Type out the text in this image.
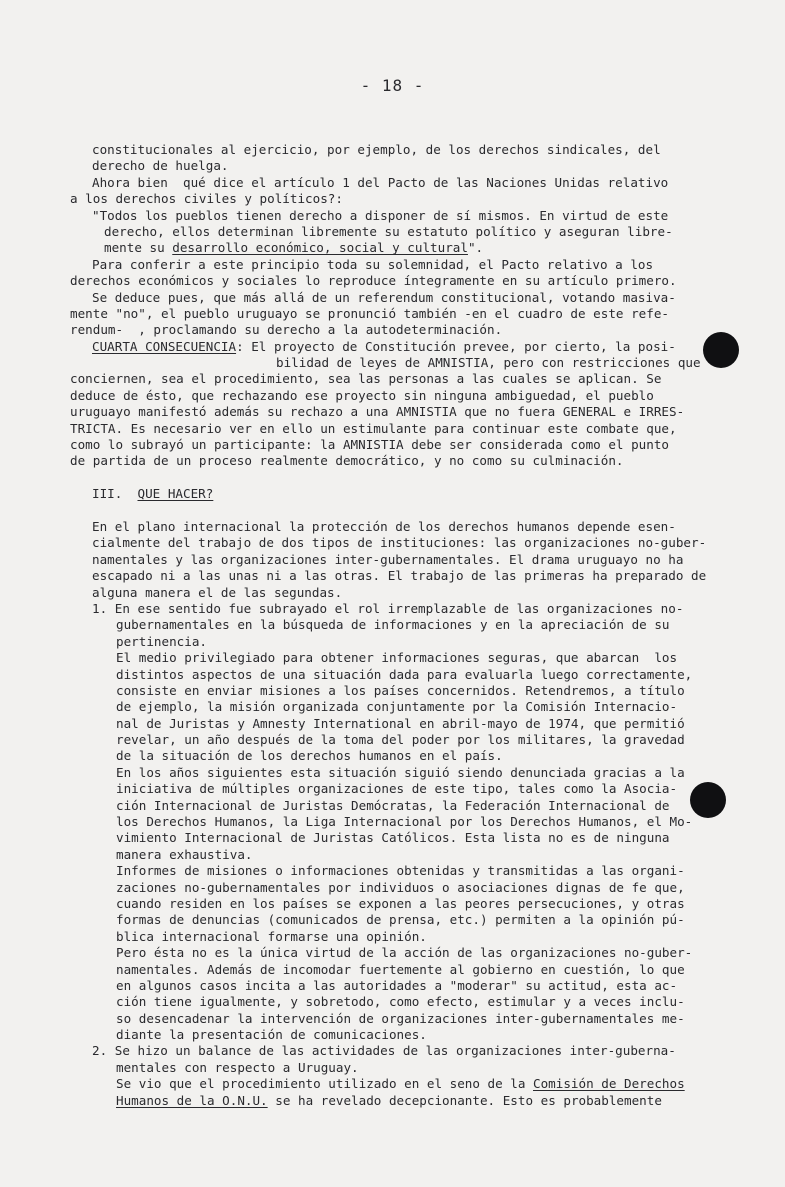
- 18 -
constitucionales al ejercicio, por ejemplo, de los derechos sindicales, del
derecho de huelga.
Ahora bien  qué dice el artículo 1 del Pacto de las Naciones Unidas relativo
a los derechos civiles y políticos?:
"Todos los pueblos tienen derecho a disponer de sí mismos. En virtud de este
derecho, ellos determinan libremente su estatuto político y aseguran libre-
mente su desarrollo económico, social y cultural".
Para conferir a este principio toda su solemnidad, el Pacto relativo a los
derechos económicos y sociales lo reproduce íntegramente en su artículo primero.
Se deduce pues, que más allá de un referendum constitucional, votando masiva-
mente "no", el pueblo uruguayo se pronunció también -en el cuadro de este refe-
rendum-  , proclamando su derecho a la autodeterminación.
CUARTA CONSECUENCIA: El proyecto de Constitución prevee, por cierto, la posi-
bilidad de leyes de AMNISTIA, pero con restricciones que
conciernen, sea el procedimiento, sea las personas a las cuales se aplican. Se
deduce de ésto, que rechazando ese proyecto sin ninguna ambiguedad, el pueblo
uruguayo manifestó además su rechazo a una AMNISTIA que no fuera GENERAL e IRRES-
TRICTA. Es necesario ver en ello un estimulante para continuar este combate que,
como lo subrayó un participante: la AMNISTIA debe ser considerada como el punto
de partida de un proceso realmente democrático, y no como su culminación.
III.  QUE HACER?
En el plano internacional la protección de los derechos humanos depende esen-
cialmente del trabajo de dos tipos de instituciones: las organizaciones no-guber-
namentales y las organizaciones inter-gubernamentales. El drama uruguayo no ha
escapado ni a las unas ni a las otras. El trabajo de las primeras ha preparado de
alguna manera el de las segundas.
1. En ese sentido fue subrayado el rol irremplazable de las organizaciones no-
gubernamentales en la búsqueda de informaciones y en la apreciación de su
pertinencia.
El medio privilegiado para obtener informaciones seguras, que abarcan  los
distintos aspectos de una situación dada para evaluarla luego correctamente,
consiste en enviar misiones a los países concernidos. Retendremos, a título
de ejemplo, la misión organizada conjuntamente por la Comisión Internacio-
nal de Juristas y Amnesty International en abril-mayo de 1974, que permitió
revelar, un año después de la toma del poder por los militares, la gravedad
de la situación de los derechos humanos en el país.
En los años siguientes esta situación siguió siendo denunciada gracias a la
iniciativa de múltiples organizaciones de este tipo, tales como la Asocia-
ción Internacional de Juristas Demócratas, la Federación Internacional de
los Derechos Humanos, la Liga Internacional por los Derechos Humanos, el Mo-
vimiento Internacional de Juristas Católicos. Esta lista no es de ninguna
manera exhaustiva.
Informes de misiones o informaciones obtenidas y transmitidas a las organi-
zaciones no-gubernamentales por individuos o asociaciones dignas de fe que,
cuando residen en los países se exponen a las peores persecuciones, y otras
formas de denuncias (comunicados de prensa, etc.) permiten a la opinión pú-
blica internacional formarse una opinión.
Pero ésta no es la única virtud de la acción de las organizaciones no-guber-
namentales. Además de incomodar fuertemente al gobierno en cuestión, lo que
en algunos casos incita a las autoridades a "moderar" su actitud, esta ac-
ción tiene igualmente, y sobretodo, como efecto, estimular y a veces inclu-
so desencadenar la intervención de organizaciones inter-gubernamentales me-
diante la presentación de comunicaciones.
2. Se hizo un balance de las actividades de las organizaciones inter-guberna-
mentales con respecto a Uruguay.
Se vio que el procedimiento utilizado en el seno de la Comisión de Derechos
Humanos de la O.N.U. se ha revelado decepcionante. Esto es probablemente
